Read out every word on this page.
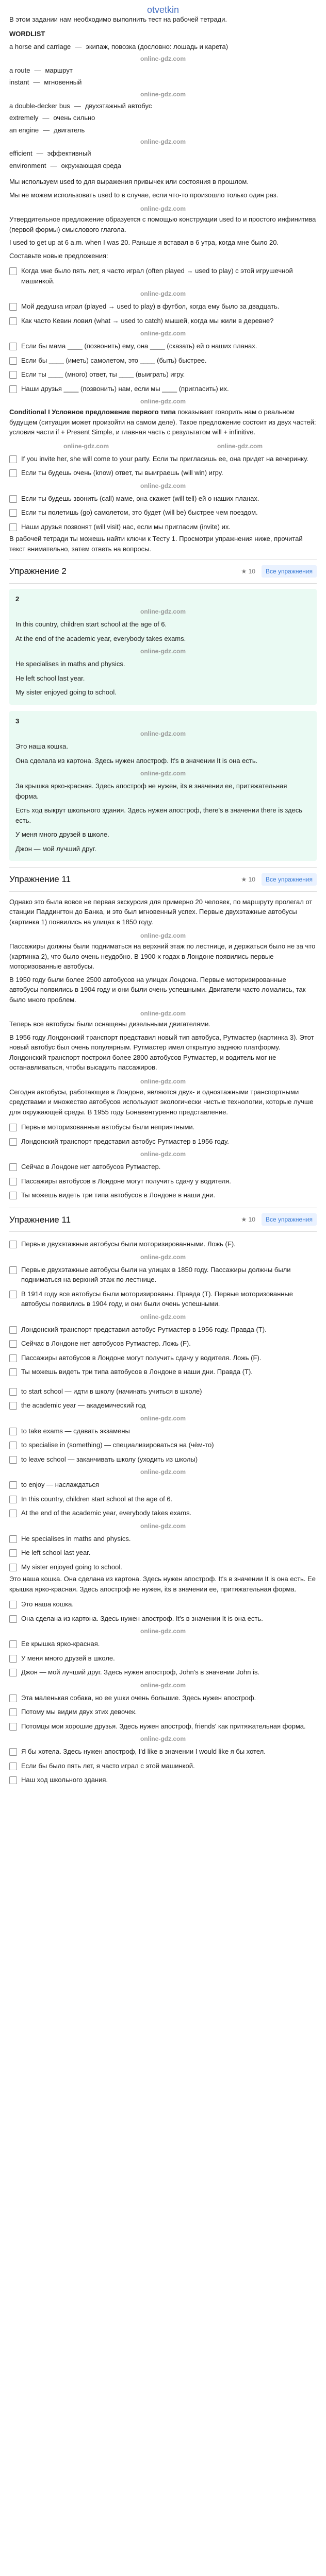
otvetkin

В этом задании нам необходимо выполнить тест на рабочей тетради.

WORDLIST
a horse and carriage — экипаж, повозка (дословно: лошадь и карета)
online-gdz.com
a route — маршрут
instant — мгновенный
online-gdz.com
a double-decker bus — двухэтажный автобус
extremely — очень сильно
an engine — двигатель
online-gdz.com
efficient — эффективный
environment — окружающая среда

Мы используем used to для выражения привычек или состояния в прошлом.

Мы не можем использовать used to в случае, если что-то произошло только один раз.

online-gdz.com

Утвердительное предложение образуется с помощью конструкции used to и простого инфинитива (первой формы) смыслового глагола.

I used to get up at 6 a.m. when I was 20. Раньше я вставал в 6 утра, когда мне было 20.

Составьте новые предложения:

Когда мне было пять лет, я часто играл (often played → used to play) с этой игрушечной машинкой.
online-gdz.com
Мой дедушка играл (played → used to play) в футбол, когда ему было за двадцать.
Как часто Кевин ловил (what → used to catch) мышей, когда мы жили в деревне?
online-gdz.com
Если бы мама ____ (позвонить) ему, она ____ (сказать) ей о наших планах.
Если бы ____ (иметь) самолетом, это ____ (быть) быстрее.
Если ты ____ (много) ответ, ты ____ (выиграть) игру.
Наши друзья ____ (позвонить) нам, если мы ____ (пригласить) их.
online-gdz.com

Conditional I Условное предложение первого типа показывает говорить нам о реальном будущем (ситуация может произойти на самом деле). Такое предложение состоит из двух частей: условия части if + Present Simple, и главная часть с результатом will + infinitive.

online-gdz.com	online-gdz.com
If you invite her, she will come to your party. Если ты пригласишь ее, она придет на вечеринку.
Если ты будешь очень (know) ответ, ты выиграешь (will win) игру.
online-gdz.com
Если ты будешь звонить (call) маме, она скажет (will tell) ей о наших планах.
Если ты полетишь (go) самолетом, это будет (will be) быстрее чем поездом.
Наши друзья позвонят (will visit) нас, если мы пригласим (invite) их.

В рабочей тетради ты можешь найти ключи к Тесту 1. Просмотри упражнения ниже, прочитай текст внимательно, затем ответь на вопросы.

Упражнение 2	★ 10	Все упражнения
2
online-gdz.com
In this country, children start school at the age of 6.
At the end of the academic year, everybody takes exams.
online-gdz.com
He specialises in maths and physics.
He left school last year.
My sister enjoyed going to school.
3
online-gdz.com
Это наша кошка.
Она сделала из картона. Здесь нужен апостроф. It's в значении It is она есть.
online-gdz.com
За крышка ярко-красная. Здесь апостроф не нужен, its в значении ее, притяжательная форма.
Есть ход выкрут школьного здания. Здесь нужен апостроф, there's в значении there is здесь есть.
У меня много друзей в школе.
Джон — мой лучший друг.
Упражнение 11	★ 10	Все упражнения

Однако это была вовсе не первая экскурсия для примерно 20 человек, по маршруту пролегал от станции Паддингтон до Банка, и это был мгновенный успех. Первые двухэтажные автобусы (картинка 1) появились на улицах в 1850 году.

online-gdz.com

Пассажиры должны были подниматься на верхний этаж по лестнице, и держаться было не за что (картинка 2), что было очень неудобно. В 1900-х годах в Лондоне появились первые моторизованные автобусы.

В 1950 году были более 2500 автобусов на улицах Лондона. Первые моторизированные автобусы появились в 1904 году и они были очень успешными. Двигатели часто ломались, так было много проблем.

online-gdz.com

Теперь все автобусы были оснащены дизельными двигателями.

В 1956 году Лондонский транспорт представил новый тип автобуса, Рутмастер (картинка 3). Этот новый автобус был очень популярным. Рутмастер имел открытую заднюю платформу. Лондонский транспорт построил более 2800 автобусов Рутмастер, и водитель мог не останавливаться, чтобы высадить пассажиров.

online-gdz.com

Сегодня автобусы, работающие в Лондоне, являются двух- и одноэтажными транспортными средствами и множество автобусов используют экологически чистые технологии, которые лучше для окружающей среды. В 1955 году Бонавентуренно представление.

Первые моторизованные автобусы были неприятными.
Лондонский транспорт представил автобус Рутмастер в 1956 году.
online-gdz.com
Сейчас в Лондоне нет автобусов Рутмастер.
Пассажиры автобусов в Лондоне могут получить сдачу у водителя.
Ты можешь видеть три типа автобусов в Лондоне в наши дни.
Упражнение 11	★ 10	Все упражнения
Первые двухэтажные автобусы были моторизированными. Ложь (F).
online-gdz.com
Первые двухэтажные автобусы были на улицах в 1850 году. Пассажиры должны были подниматься на верхний этаж по лестнице.
В 1914 году все автобусы были моторизированы. Правда (T). Первые моторизованные автобусы появились в 1904 году, и они были очень успешными.
online-gdz.com
Лондонский транспорт представил автобус Рутмастер в 1956 году. Правда (T).
Сейчас в Лондоне нет автобусов Рутмастер. Ложь (F).
Пассажиры автобусов в Лондоне могут получить сдачу у водителя. Ложь (F).
Ты можешь видеть три типа автобусов в Лондоне в наши дни. Правда (T).
to start school — идти в школу (начинать учиться в школе)
the academic year — академический год
online-gdz.com
to take exams — сдавать экзамены
to specialise in (something) — специализироваться на (чём-то)
to leave school — заканчивать школу (уходить из школы)
online-gdz.com
to enjoy — наслаждаться
In this country, children start school at the age of 6.
At the end of the academic year, everybody takes exams.
online-gdz.com
He specialises in maths and physics.
He left school last year.
My sister enjoyed going to school.

Это наша кошка. Она сделана из картона. Здесь нужен апостроф. It's в значении It is она есть. Ее крышка ярко-красная. Здесь апостроф не нужен, its в значении ее, притяжательная форма.

Это наша кошка.
Она сделана из картона. Здесь нужен апостроф. It's в значении It is она есть.
online-gdz.com
Ее крышка ярко-красная.
У меня много друзей в школе.
Джон — мой лучший друг. Здесь нужен апостроф, John's в значении John is.
online-gdz.com
Эта маленькая собака, но ее ушки очень большие. Здесь нужен апостроф.
Потому мы видим двух этих девочек.
Потомцы мои хорошие друзья. Здесь нужен апостроф, friends' как притяжательная форма.
online-gdz.com
Я бы хотела. Здесь нужен апостроф, I'd like в значении I would like я бы хотел.
Если бы было пять лет, я часто играл с этой машинкой.
Наш ход школьного здания.
